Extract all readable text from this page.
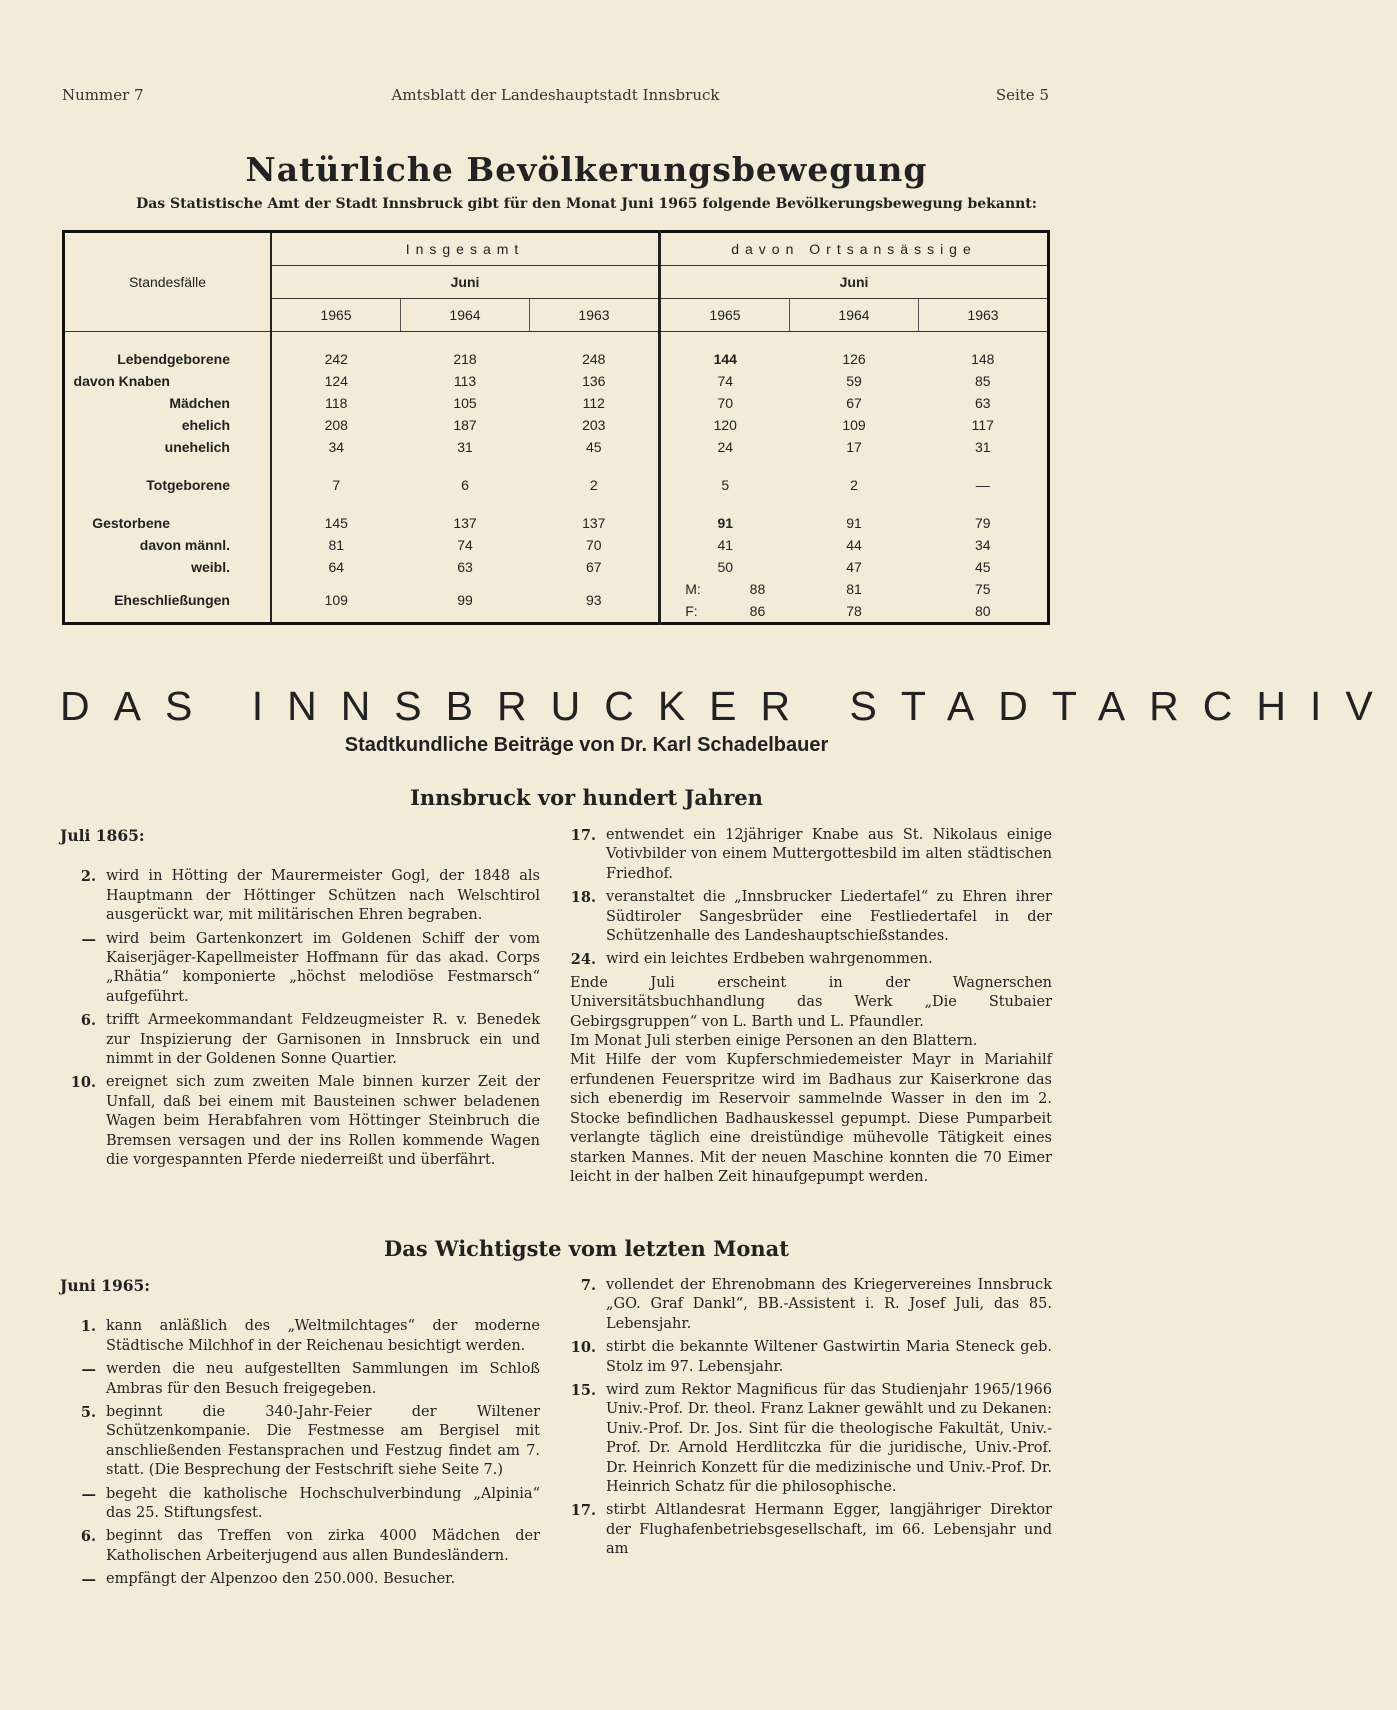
Nummer 7	Amtsblatt der Landeshauptstadt Innsbruck	Seite 5
Natürliche Bevölkerungsbewegung
Das Statistische Amt der Stadt Innsbruck gibt für den Monat Juni 1965 folgende Bevölkerungsbewegung bekannt:
Standesfälle	Insgesamt			davon Ortsansässige		
	Juni			Juni		
	1965	1964	1963	1965	1964	1963

Lebendgeborene	242	218	248	144	126	148
davon Knaben	124	113	136	74	59	85
Mädchen	118	105	112	70	67	63
ehelich	208	187	203	120	109	117
unehelich	34	31	45	24	17	31

Totgeborene	7	6	2	5	2	—

Gestorbene	145	137	137	91	91	79
davon männl.	81	74	70	41	44	34
weibl.	64	63	67	50	47	45
Eheschließungen	109	99	93	M: 88	81	75

				F: 86	78	80
DAS INNSBRUCKER STADTARCHIV
Stadtkundliche Beiträge von Dr. Karl Schadelbauer
Innsbruck vor hundert Jahren

Juli 1865:

2. wird in Hötting der Maurermeister Gogl, der 1848 als Hauptmann der Höttinger Schützen nach Welschtirol ausgerückt war, mit militärischen Ehren begraben.
— wird beim Gartenkonzert im Goldenen Schiff der vom Kaiserjäger-Kapellmeister Hoffmann für das akad. Corps „Rhätia“ komponierte „höchst melodiöse Festmarsch“ aufgeführt.
6. trifft Armeekommandant Feldzeugmeister R. v. Benedek zur Inspizierung der Garnisonen in Innsbruck ein und nimmt in der Goldenen Sonne Quartier.
10. ereignet sich zum zweiten Male binnen kurzer Zeit der Unfall, daß bei einem mit Bausteinen schwer beladenen Wagen beim Herabfahren vom Höttinger Steinbruch die Bremsen versagen und der ins Rollen kommende Wagen die vorgespannten Pferde niederreißt und überfährt.
17. entwendet ein 12jähriger Knabe aus St. Nikolaus einige Votivbilder von einem Muttergottesbild im alten städtischen Friedhof.
18. veranstaltet die „Innsbrucker Liedertafel“ zu Ehren ihrer Südtiroler Sangesbrüder eine Festliedertafel in der Schützenhalle des Landeshauptschießstandes.
24. wird ein leichtes Erdbeben wahrgenommen.

Ende Juli erscheint in der Wagnerschen Universitätsbuchhandlung das Werk „Die Stubaier Gebirgsgruppen“ von L. Barth und L. Pfaundler.

Im Monat Juli sterben einige Personen an den Blattern.

Mit Hilfe der vom Kupferschmiedemeister Mayr in Mariahilf erfundenen Feuerspritze wird im Badhaus zur Kaiserkrone das sich ebenerdig im Reservoir sammelnde Wasser in den im 2. Stocke befindlichen Badhauskessel gepumpt. Diese Pumparbeit verlangte täglich eine dreistündige mühevolle Tätigkeit eines starken Mannes. Mit der neuen Maschine konnten die 70 Eimer leicht in der halben Zeit hinaufgepumpt werden.

Das Wichtigste vom letzten Monat

Juni 1965:

1. kann anläßlich des „Weltmilchtages“ der moderne Städtische Milchhof in der Reichenau besichtigt werden.
— werden die neu aufgestellten Sammlungen im Schloß Ambras für den Besuch freigegeben.
5. beginnt die 340-Jahr-Feier der Wiltener Schützenkompanie. Die Festmesse am Bergisel mit anschließenden Festansprachen und Festzug findet am 7. statt. (Die Besprechung der Festschrift siehe Seite 7.)
— begeht die katholische Hochschulverbindung „Alpinia“ das 25. Stiftungsfest.
6. beginnt das Treffen von zirka 4000 Mädchen der Katholischen Arbeiterjugend aus allen Bundesländern.
— empfängt der Alpenzoo den 250.000. Besucher.
7. vollendet der Ehrenobmann des Kriegervereines Innsbruck „GO. Graf Dankl“, BB.-Assistent i. R. Josef Juli, das 85. Lebensjahr.
10. stirbt die bekannte Wiltener Gastwirtin Maria Steneck geb. Stolz im 97. Lebensjahr.
15. wird zum Rektor Magnificus für das Studienjahr 1965/1966 Univ.-Prof. Dr. theol. Franz Lakner gewählt und zu Dekanen: Univ.-Prof. Dr. Jos. Sint für die theologische Fakultät, Univ.-Prof. Dr. Arnold Herdlitczka für die juridische, Univ.-Prof. Dr. Heinrich Konzett für die medizinische und Univ.-Prof. Dr. Heinrich Schatz für die philosophische.
17. stirbt Altlandesrat Hermann Egger, langjähriger Direktor der Flughafenbetriebsgesellschaft, im 66. Lebensjahr und am
